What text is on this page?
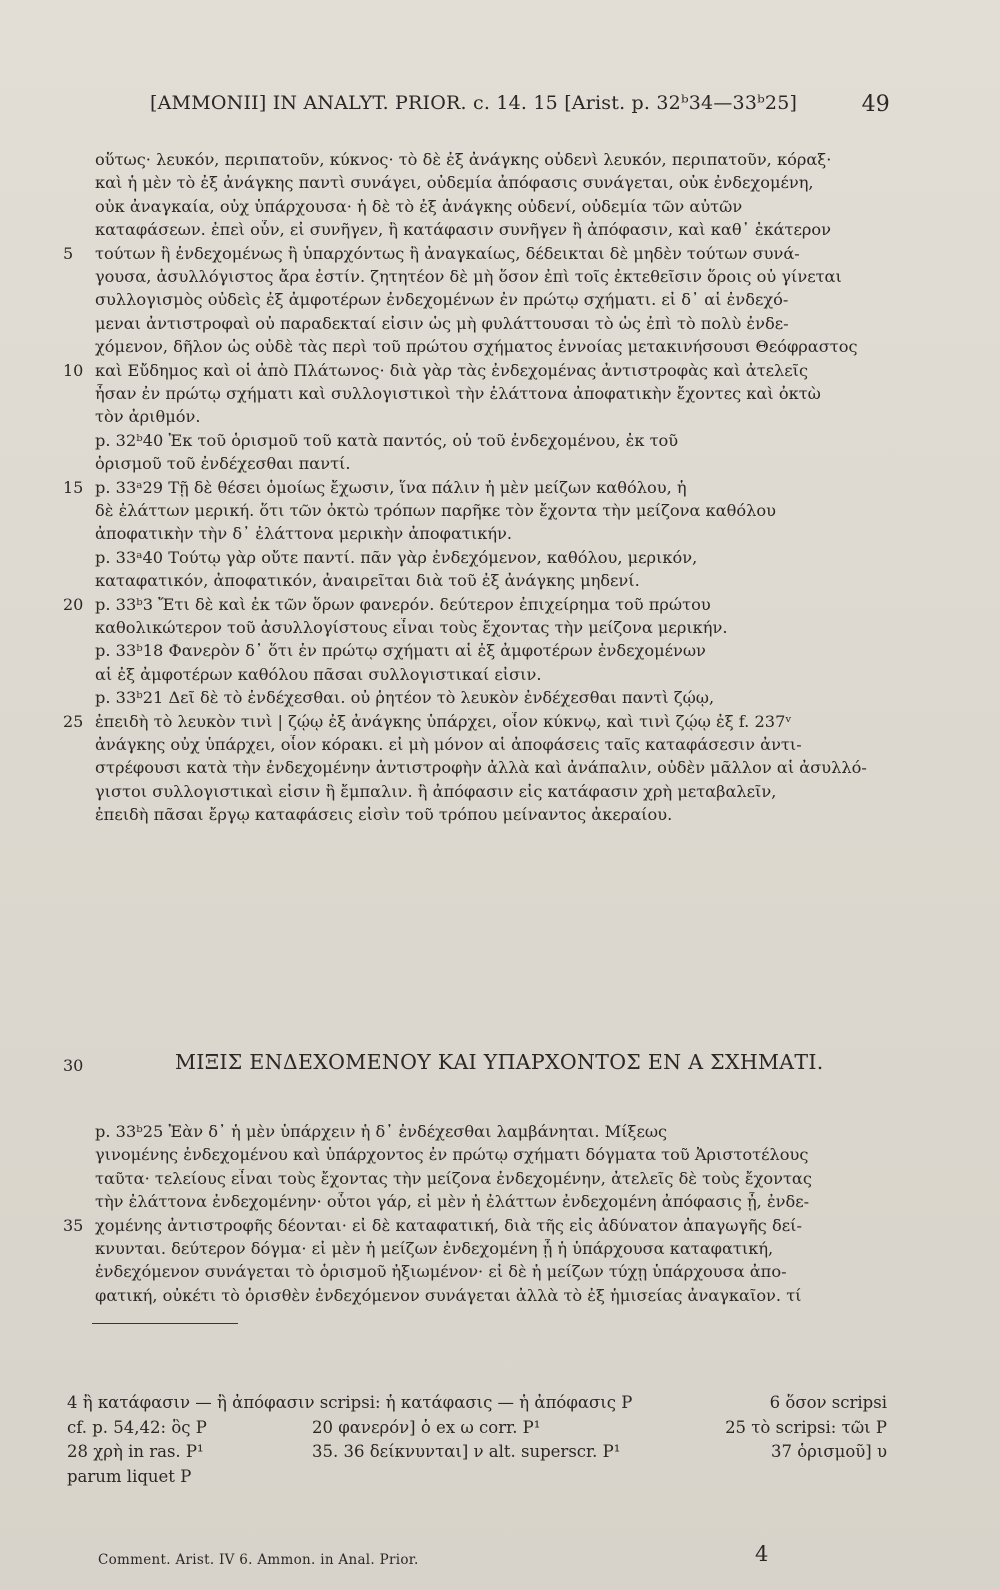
[AMMONII] IN ANALYT. PRIOR. c. 14. 15 [Arist. p. 32ᵇ34—33ᵇ25]	49
οὕτως· λευκόν, περιπατοῦν, κύκνος· τὸ δὲ ἐξ ἀνάγκης οὐδενὶ λευκόν, περιπατοῦν, κόραξ·
καὶ ἡ μὲν τὸ ἐξ ἀνάγκης παντὶ συνάγει, οὐδεμία ἀπόφασις συνάγεται, οὐκ ἐνδεχομένη,
οὐκ ἀναγκαία, οὐχ ὑπάρχουσα· ἡ δὲ τὸ ἐξ ἀνάγκης οὐδενί, οὐδεμία τῶν αὐτῶν
καταφάσεων. ἐπεὶ οὖν, εἰ συνῆγεν, ἢ κατάφασιν συνῆγεν ἢ ἀπόφασιν, καὶ καθ᾽ ἑκάτερον
τούτων ἢ ἐνδεχομένως ἢ ὑπαρχόντως ἢ ἀναγκαίως, δέδεικται δὲ μηδὲν τούτων συνά-
5
γουσα, ἀσυλλόγιστος ἄρα ἐστίν. ζητητέον δὲ μὴ ὅσον ἐπὶ τοῖς ἐκτεθεῖσιν ὅροις οὐ γίνεται
συλλογισμὸς οὐδεὶς ἐξ ἀμφοτέρων ἐνδεχομένων ἐν πρώτῳ σχήματι. εἰ δ᾽ αἱ ἐνδεχό-
μεναι ἀντιστροφαὶ οὐ παραδεκταί εἰσιν ὡς μὴ φυλάττουσαι τὸ ὡς ἐπὶ τὸ πολὺ ἐνδε-
χόμενον, δῆλον ὡς οὐδὲ τὰς περὶ τοῦ πρώτου σχήματος ἐννοίας μετακινήσουσι Θεόφραστος
καὶ Εὔδημος καὶ οἱ ἀπὸ Πλάτωνος· διὰ γὰρ τὰς ἐνδεχομένας ἀντιστροφὰς καὶ ἀτελεῖς
10
ἦσαν ἐν πρώτῳ σχήματι καὶ συλλογιστικοὶ τὴν ἐλάττονα ἀποφατικὴν ἔχοντες καὶ ὀκτὼ
τὸν ἀριθμόν.
p. 32ᵇ40 Ἐκ τοῦ ὁρισμοῦ τοῦ κατὰ παντός, οὐ τοῦ ἐνδεχομένου, ἐκ τοῦ
ὁρισμοῦ τοῦ ἐνδέχεσθαι παντί.
p. 33ᵃ29 Τῇ δὲ θέσει ὁμοίως ἔχωσιν, ἵνα πάλιν ἡ μὲν μείζων καθόλου, ἡ
15
δὲ ἐλάττων μερική. ὅτι τῶν ὀκτὼ τρόπων παρῆκε τὸν ἔχοντα τὴν μείζονα καθόλου
ἀποφατικὴν τὴν δ᾽ ἐλάττονα μερικὴν ἀποφατικήν.
p. 33ᵃ40 Τούτῳ γὰρ οὔτε παντί. πᾶν γὰρ ἐνδεχόμενον, καθόλου, μερικόν,
καταφατικόν, ἀποφατικόν, ἀναιρεῖται διὰ τοῦ ἐξ ἀνάγκης μηδενί.
p. 33ᵇ3 Ἔτι δὲ καὶ ἐκ τῶν ὅρων φανερόν. δεύτερον ἐπιχείρημα τοῦ πρώτου
20
καθολικώτερον τοῦ ἀσυλλογίστους εἶναι τοὺς ἔχοντας τὴν μείζονα μερικήν.
p. 33ᵇ18 Φανερὸν δ᾽ ὅτι ἐν πρώτῳ σχήματι αἱ ἐξ ἀμφοτέρων ἐνδεχομένων
αἱ ἐξ ἀμφοτέρων καθόλου πᾶσαι συλλογιστικαί εἰσιν.
p. 33ᵇ21 Δεῖ δὲ τὸ ἐνδέχεσθαι. οὐ ῥητέον τὸ λευκὸν ἐνδέχεσθαι παντὶ ζῴῳ,
ἐπειδὴ τὸ λευκὸν τινὶ | ζῴῳ ἐξ ἀνάγκης ὑπάρχει, οἷον κύκνῳ, καὶ τινὶ ζῴῳ ἐξ f. 237ᵛ
25
ἀνάγκης οὐχ ὑπάρχει, οἷον κόρακι. εἰ μὴ μόνον αἱ ἀποφάσεις ταῖς καταφάσεσιν ἀντι-
στρέφουσι κατὰ τὴν ἐνδεχομένην ἀντιστροφὴν ἀλλὰ καὶ ἀνάπαλιν, οὐδὲν μᾶλλον αἱ ἀσυλλό-
γιστοι συλλογιστικαὶ εἰσιν ἢ ἔμπαλιν. ἢ ἀπόφασιν εἰς κατάφασιν χρὴ μεταβαλεῖν,
ἐπειδὴ πᾶσαι ἔργῳ καταφάσεις εἰσὶν τοῦ τρόπου μείναντος ἀκεραίου.
30	ΜΙΞΙΣ ΕΝΔΕΧΟΜΕΝΟΥ ΚΑΙ ΥΠΑΡΧΟΝΤΟΣ ΕΝ Α ΣΧΗΜΑΤΙ.
p. 33ᵇ25 Ἐὰν δ᾽ ἡ μὲν ὑπάρχειν ἡ δ᾽ ἐνδέχεσθαι λαμβάνηται. Μίξεως
γινομένης ἐνδεχομένου καὶ ὑπάρχοντος ἐν πρώτῳ σχήματι δόγματα τοῦ Ἀριστοτέλους
ταῦτα· τελείους εἶναι τοὺς ἔχοντας τὴν μείζονα ἐνδεχομένην, ἀτελεῖς δὲ τοὺς ἔχοντας
τὴν ἐλάττονα ἐνδεχομένην· οὗτοι γάρ, εἰ μὲν ἡ ἐλάττων ἐνδεχομένη ἀπόφασις ᾖ, ἐνδε-
χομένης ἀντιστροφῆς δέονται· εἰ δὲ καταφατική, διὰ τῆς εἰς ἀδύνατον ἀπαγωγῆς δεί-
35
κνυνται. δεύτερον δόγμα· εἰ μὲν ἡ μείζων ἐνδεχομένη ᾖ ἡ ὑπάρχουσα καταφατική,
ἐνδεχόμενον συνάγεται τὸ ὁρισμοῦ ἠξιωμένον· εἰ δὲ ἡ μείζων τύχῃ ὑπάρχουσα ἀπο-
φατική, οὐκέτι τὸ ὁρισθὲν ἐνδεχόμενον συνάγεται ἀλλὰ τὸ ἐξ ἡμισείας ἀναγκαῖον. τί
4 ἢ κατάφασιν — ἢ ἀπόφασιν scripsi: ἡ κατάφασις — ἡ ἀπόφασις P	6 ὅσον scripsi
cf. p. 54,42: ὃς P	20 φανερόν] ὁ ex ω corr. P¹	25 τὸ scripsi: τῶι P
28 χρὴ in ras. P¹	35. 36 δείκνυνται] ν alt. superscr. P¹	37 ὁρισμοῦ] υ
parum liquet P
Comment. Arist. IV 6. Ammon. in Anal. Prior.	4
